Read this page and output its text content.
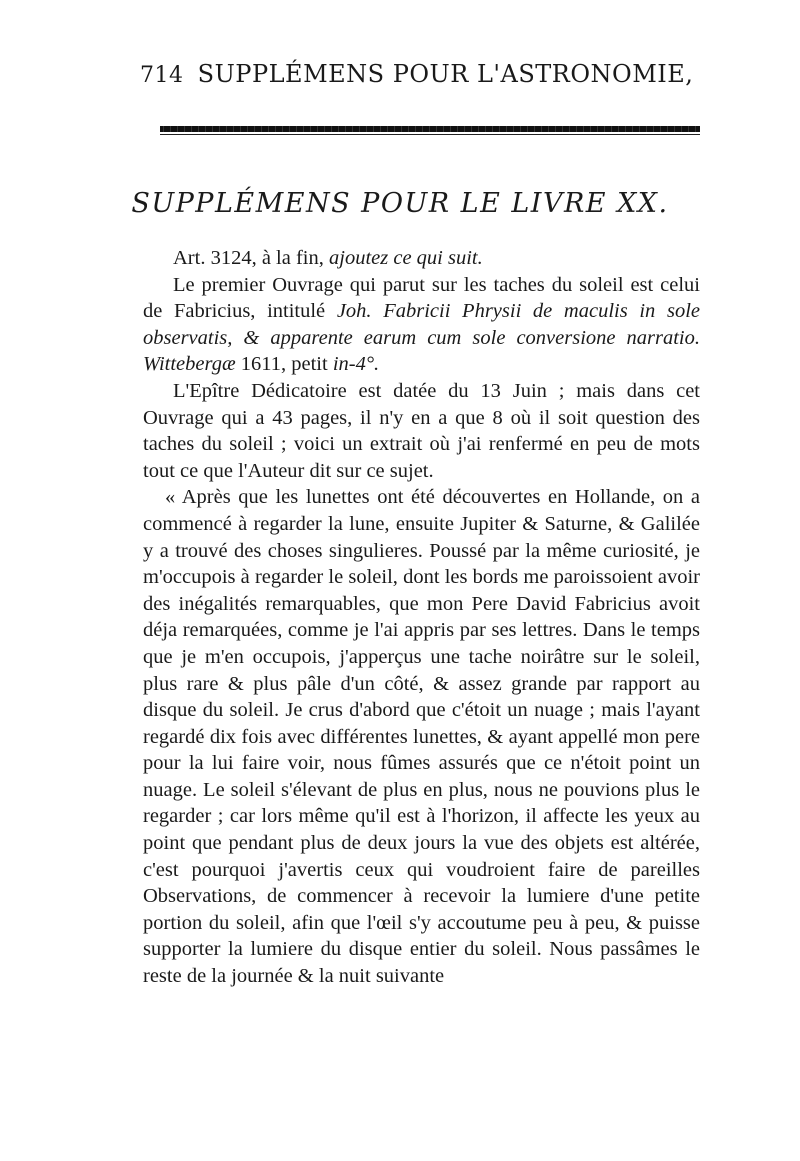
714 SUPPLÉMENS POUR L'ASTRONOMIE,
SUPPLÉMENS POUR LE LIVRE XX.

Art. 3124, à la fin, ajoutez ce qui suit.

Le premier Ouvrage qui parut sur les taches du soleil est celui de Fabricius, intitulé Joh. Fabricii Phrysii de maculis in sole observatis, & apparente earum cum sole conversione narratio. Wittebergæ 1611, petit in-4°.

L'Epître Dédicatoire est datée du 13 Juin ; mais dans cet Ouvrage qui a 43 pages, il n'y en a que 8 où il soit question des taches du soleil ; voici un extrait où j'ai renfermé en peu de mots tout ce que l'Auteur dit sur ce sujet.

« Après que les lunettes ont été découvertes en Hollande, on a commencé à regarder la lune, ensuite Jupiter & Saturne, & Galilée y a trouvé des choses singulieres. Poussé par la même curiosité, je m'occupois à regarder le soleil, dont les bords me paroissoient avoir des inégalités remarquables, que mon Pere David Fabricius avoit déja remarquées, comme je l'ai appris par ses lettres. Dans le temps que je m'en occupois, j'apperçus une tache noirâtre sur le soleil, plus rare & plus pâle d'un côté, & assez grande par rapport au disque du soleil. Je crus d'abord que c'étoit un nuage ; mais l'ayant regardé dix fois avec différentes lunettes, & ayant appellé mon pere pour la lui faire voir, nous fûmes assurés que ce n'étoit point un nuage. Le soleil s'élevant de plus en plus, nous ne pouvions plus le regarder ; car lors même qu'il est à l'horizon, il affecte les yeux au point que pendant plus de deux jours la vue des objets est altérée, c'est pourquoi j'avertis ceux qui voudroient faire de pareilles Observations, de commencer à recevoir la lumiere d'une petite portion du soleil, afin que l'œil s'y accoutume peu à peu, & puisse supporter la lumiere du disque entier du soleil. Nous passâmes le reste de la journée & la nuit suivante
